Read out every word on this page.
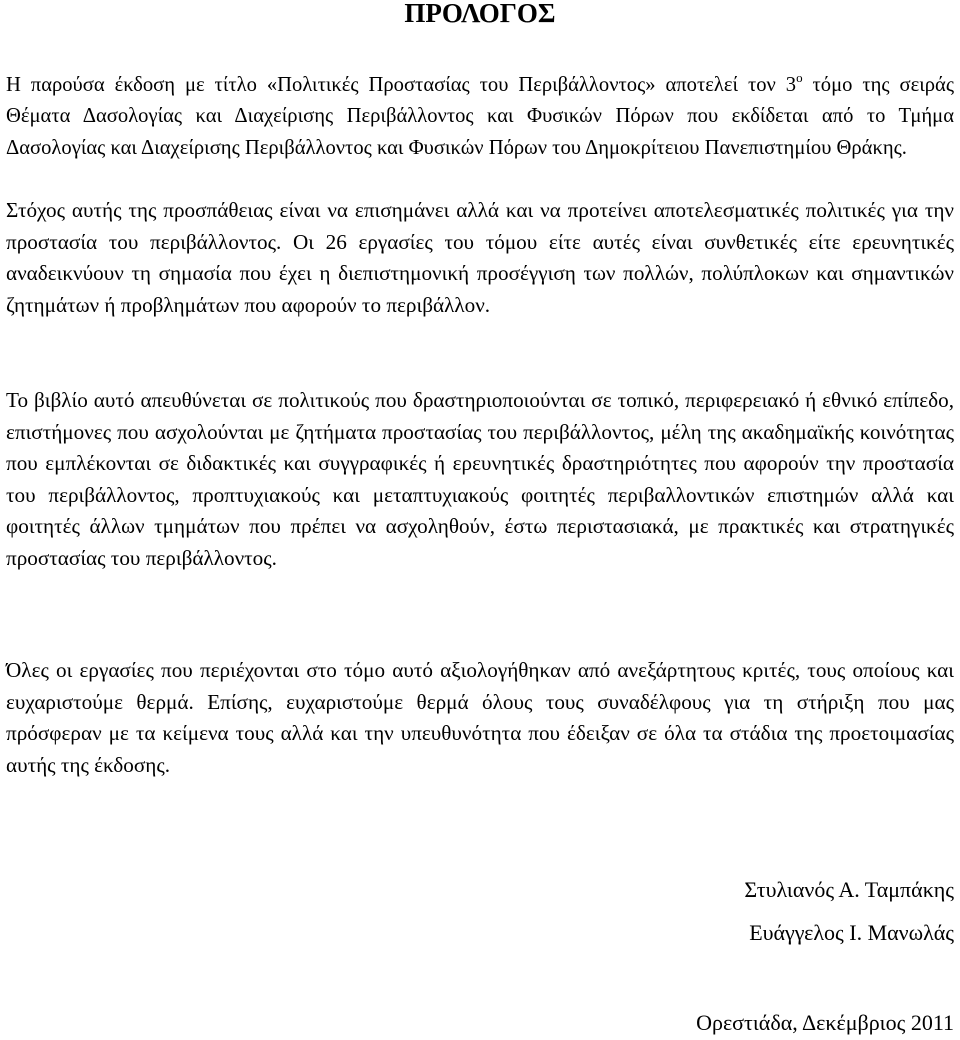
ΠΡΟΛΟΓΟΣ

Η παρούσα έκδοση με τίτλο «Πολιτικές Προστασίας του Περιβάλλοντος» αποτελεί τον $3^o$ τόμο της σειράς Θέματα Δασολογίας και Διαχείρισης Περιβάλλοντος και Φυσικών Πόρων που εκδίδεται από το Τμήμα Δασολογίας και Διαχείρισης Περιβάλλοντος και Φυσικών Πόρων του Δημοκρίτειου Πανεπιστημίου Θράκης.

Στόχος αυτής της προσπάθειας είναι να επισημάνει αλλά και να προτείνει αποτελεσματικές πολιτικές για την προστασία του περιβάλλοντος. Οι 26 εργασίες του τόμου είτε αυτές είναι συνθετικές είτε ερευνητικές αναδεικνύουν τη σημασία που έχει η διεπιστημονική προσέγγιση των πολλών, πολύπλοκων και σημαντικών ζητημάτων ή προβλημάτων που αφορούν το περιβάλλον.

Το βιβλίο αυτό απευθύνεται σε πολιτικούς που δραστηριοποιούνται σε τοπικό, περιφερειακό ή εθνικό επίπεδο, επιστήμονες που ασχολούνται με ζητήματα προστασίας του περιβάλλοντος, μέλη της ακαδημαϊκής κοινότητας που εμπλέκονται σε διδακτικές και συγγραφικές ή ερευνητικές δραστηριότητες που αφορούν την προστασία του περιβάλλοντος, προπτυχιακούς και μεταπτυχιακούς φοιτητές περιβαλλοντικών επιστημών αλλά και φοιτητές άλλων τμημάτων που πρέπει να ασχοληθούν, έστω περιστασιακά, με πρακτικές και στρατηγικές προστασίας του περιβάλλοντος.

Όλες οι εργασίες που περιέχονται στο τόμο αυτό αξιολογήθηκαν από ανεξάρτητους κριτές, τους οποίους και ευχαριστούμε θερμά. Επίσης, ευχαριστούμε θερμά όλους τους συναδέλφους για τη στήριξη που μας πρόσφεραν με τα κείμενα τους αλλά και την υπευθυνότητα που έδειξαν σε όλα τα στάδια της προετοιμασίας αυτής της έκδοσης.

Στυλιανός Α. Ταμπάκης

Ευάγγελος Ι. Μανωλάς

Ορεστιάδα, Δεκέμβριος 2011
